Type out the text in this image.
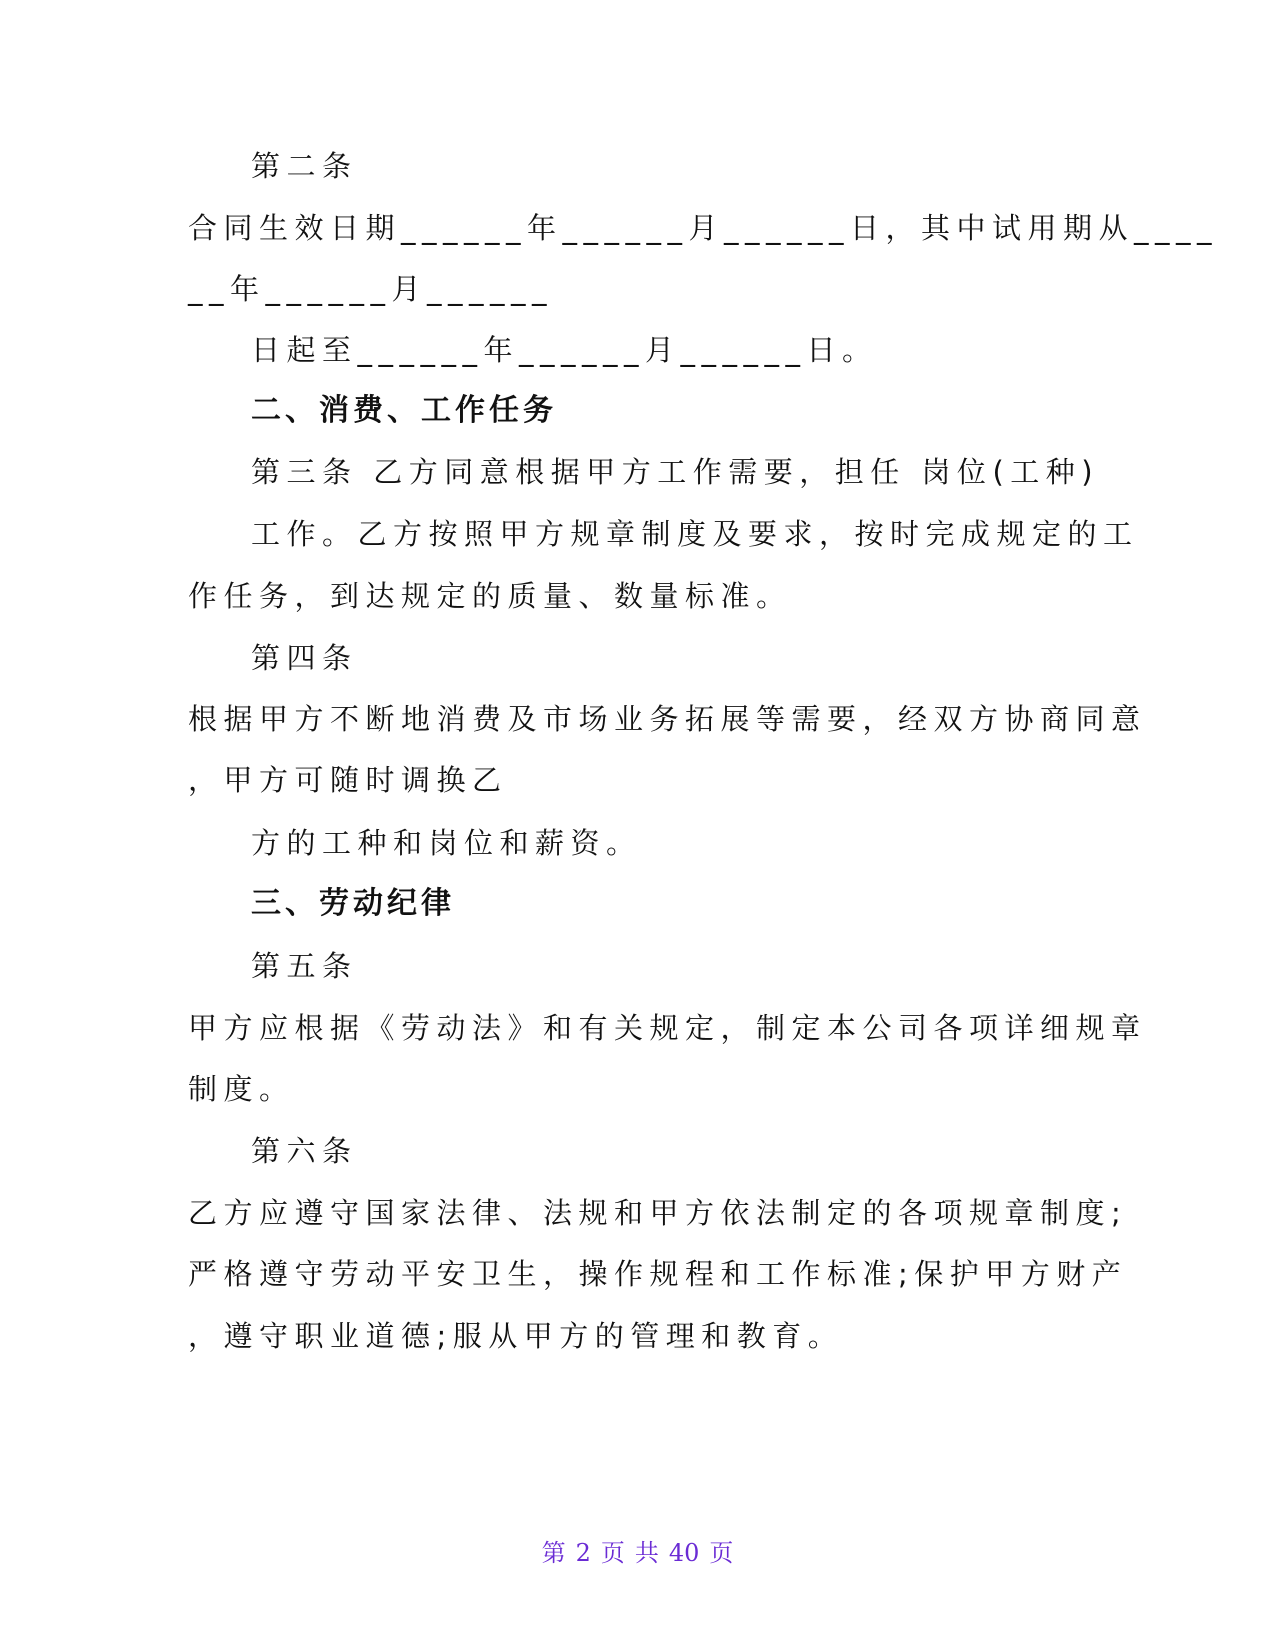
第二条
合同生效日期______年______月______日，其中试用期从____
__年______月______
日起至______年______月______日。
二、消费、工作任务
第三条 乙方同意根据甲方工作需要，担任 岗位(工种)
工作。乙方按照甲方规章制度及要求，按时完成规定的工
作任务，到达规定的质量、数量标准。
第四条
根据甲方不断地消费及市场业务拓展等需要，经双方协商同意
，甲方可随时调换乙
方的工种和岗位和薪资。
三、劳动纪律
第五条
甲方应根据《劳动法》和有关规定，制定本公司各项详细规章
制度。
第六条
乙方应遵守国家法律、法规和甲方依法制定的各项规章制度;
严格遵守劳动平安卫生，操作规程和工作标准;保护甲方财产
，遵守职业道德;服从甲方的管理和教育。
第 2 页 共 40 页
